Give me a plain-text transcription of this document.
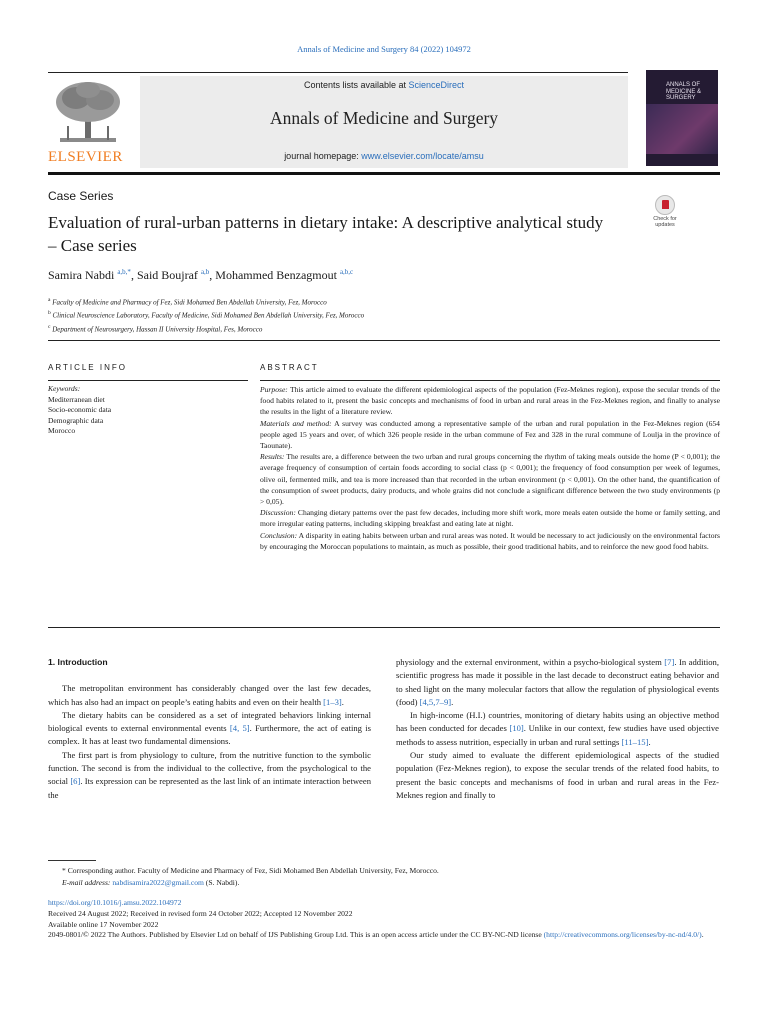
Annals of Medicine and Surgery 84 (2022) 104972
ELSEVIER
Contents lists available at ScienceDirect
Annals of Medicine and Surgery
journal homepage: www.elsevier.com/locate/amsu
ANNALS OF MEDICINE & SURGERY
Case Series
Evaluation of rural-urban patterns in dietary intake: A descriptive analytical study – Case series
Check for updates
Samira Nabdi $^{a,b,*}$, Said Boujraf $^{a,b}$, Mohammed Benzagmout $^{a,b,c}$
$^a$ Faculty of Medicine and Pharmacy of Fez, Sidi Mohamed Ben Abdellah University, Fez, Morocco
$^b$ Clinical Neuroscience Laboratory, Faculty of Medicine, Sidi Mohamed Ben Abdellah University, Fez, Morocco
$^c$ Department of Neurosurgery, Hassan II University Hospital, Fes, Morocco
ARTICLE INFO	ABSTRACT
Keywords:
Mediterranean diet
Socio-economic data
Demographic data
Morocco

Purpose: This article aimed to evaluate the different epidemiological aspects of the population (Fez-Meknes region), expose the secular trends of the food habits related to it, present the basic concepts and mechanisms of food in urban and rural areas in the Fez-Meknes region, and finally to analyse the results in the light of a literature review.

Materials and method: A survey was conducted among a representative sample of the urban and rural population in the Fez-Meknes region (654 people aged 15 years and over, of which 326 people reside in the urban commune of Fez and 328 in the rural commune of Loulja in the province of Taounate).

Results: The results are, a difference between the two urban and rural groups concerning the rhythm of taking meals outside the home (P < 0,001); the average frequency of consumption of certain foods according to social class (p < 0,001); the frequency of food consumption per week of legumes, olive oil, fermented milk, and tea is more increased than that recorded in the urban environment (p < 0,001). On the other hand, the quantification of the consumption of sweet products, dairy products, and whole grains did not conclude a significant difference between the two study environments (p > 0,05).

Discussion: Changing dietary patterns over the past few decades, including more shift work, more meals eaten outside the home or family setting, and more irregular eating patterns, including skipping breakfast and eating late at night.

Conclusion: A disparity in eating habits between urban and rural areas was noted. It would be necessary to act judiciously on the environmental factors by encouraging the Moroccan populations to maintain, as much as possible, their good traditional habits, and to reinforce the new good food habits.

1. Introduction

The metropolitan environment has considerably changed over the last few decades, which has also had an impact on people’s eating habits and even on their health [1–3].

The dietary habits can be considered as a set of integrated behaviors linking internal biological events to external environmental events [4, 5]. Furthermore, the act of eating is complex. It has at least two fundamental dimensions.

The first part is from physiology to culture, from the nutritive function to the symbolic function. The second is from the individual to the collective, from the psychological to the social [6]. Its expression can be represented as the last link of an intimate interaction between the

physiology and the external environment, within a psycho-biological system [7]. In addition, scientific progress has made it possible in the last decade to deconstruct eating behavior and to shed light on the many molecular factors that allow the regulation of physiological events (food) [4,5,7–9].

In high-income (H.I.) countries, monitoring of dietary habits using an objective method has been conducted for decades [10]. Unlike in our context, few studies have used objective methods to assess nutrition, especially in urban and rural settings [11–15].

Our study aimed to evaluate the different epidemiological aspects of the studied population (Fez-Meknes region), to expose the secular trends of the related food habits, to present the basic concepts and mechanisms of food in urban and rural areas in the Fez-Meknes region and finally to

* Corresponding author. Faculty of Medicine and Pharmacy of Fez, Sidi Mohamed Ben Abdellah University, Fez, Morocco.
E-mail address: nabdisamira2022@gmail.com (S. Nabdi).
https://doi.org/10.1016/j.amsu.2022.104972
Received 24 August 2022; Received in revised form 24 October 2022; Accepted 12 November 2022
Available online 17 November 2022
2049-0801/© 2022 The Authors. Published by Elsevier Ltd on behalf of IJS Publishing Group Ltd. This is an open access article under the CC BY-NC-ND license (http://creativecommons.org/licenses/by-nc-nd/4.0/).
